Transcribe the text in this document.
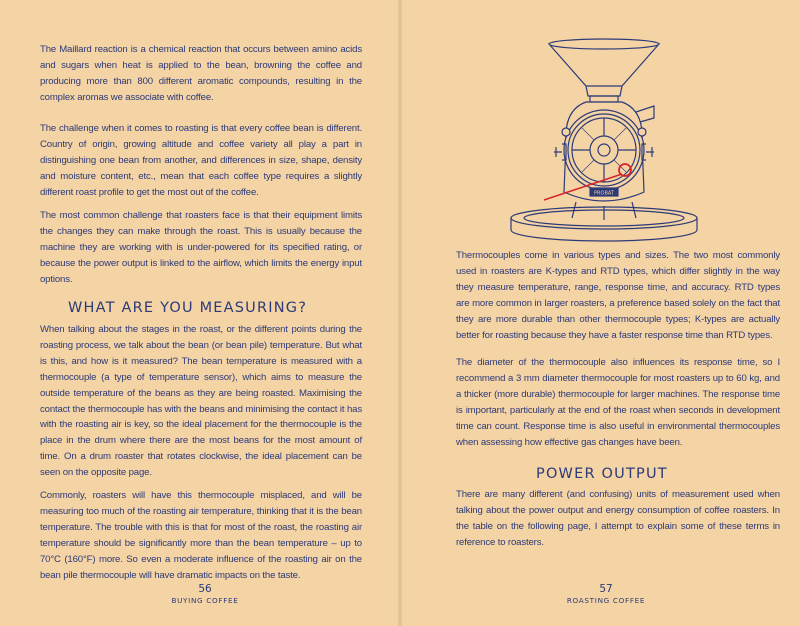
The Maillard reaction is a chemical reaction that occurs between amino acids and sugars when heat is applied to the bean, browning the coffee and producing more than 800 different aromatic compounds, resulting in the complex aromas we associate with coffee.

The challenge when it comes to roasting is that every coffee bean is different. Country of origin, growing altitude and coffee variety all play a part in distinguishing one bean from another, and differences in size, shape, density and moisture content, etc., mean that each coffee type requires a slightly different roast profile to get the most out of the coffee.

The most common challenge that roasters face is that their equipment limits the changes they can make through the roast. This is usually because the machine they are working with is under-powered for its specified rating, or because the power output is linked to the airflow, which limits the energy input options.

WHAT ARE YOU MEASURING?

When talking about the stages in the roast, or the different points during the roasting process, we talk about the bean (or bean pile) temperature. But what is this, and how is it measured? The bean temperature is measured with a thermocouple (a type of temperature sensor), which aims to measure the outside temperature of the beans as they are being roasted. Maximising the contact the thermocouple has with the beans and minimising the contact it has with the roasting air is key, so the ideal placement for the thermocouple is the place in the drum where there are the most beans for the most amount of time. On a drum roaster that rotates clockwise, the ideal placement can be seen on the opposite page.

Commonly, roasters will have this thermocouple misplaced, and will be measuring too much of the roasting air temperature, thinking that it is the bean temperature. The trouble with this is that for most of the roast, the roasting air temperature should be significantly more than the bean temperature – up to 70°C (160°F) more. So even a moderate influence of the roasting air on the bean pile thermocouple will have dramatic impacts on the taste.

56
BUYING COFFEE
PROBAT

Thermocouples come in various types and sizes. The two most commonly used in roasters are K-types and RTD types, which differ slightly in the way they measure temperature, range, response time, and accuracy. RTD types are more common in larger roasters, a preference based solely on the fact that they are more durable than other thermocouple types; K-types are actually better for roasting because they have a faster response time than RTD types.

The diameter of the thermocouple also influences its response time, so I recommend a 3 mm diameter thermocouple for most roasters up to 60 kg, and a thicker (more durable) thermocouple for larger machines. The response time is important, particularly at the end of the roast when seconds in development time can count. Response time is also useful in environmental thermocouples when assessing how effective gas changes have been.

POWER OUTPUT

There are many different (and confusing) units of measurement used when talking about the power output and energy consumption of coffee roasters. In the table on the following page, I attempt to explain some of these terms in reference to roasters.

57
ROASTING COFFEE
